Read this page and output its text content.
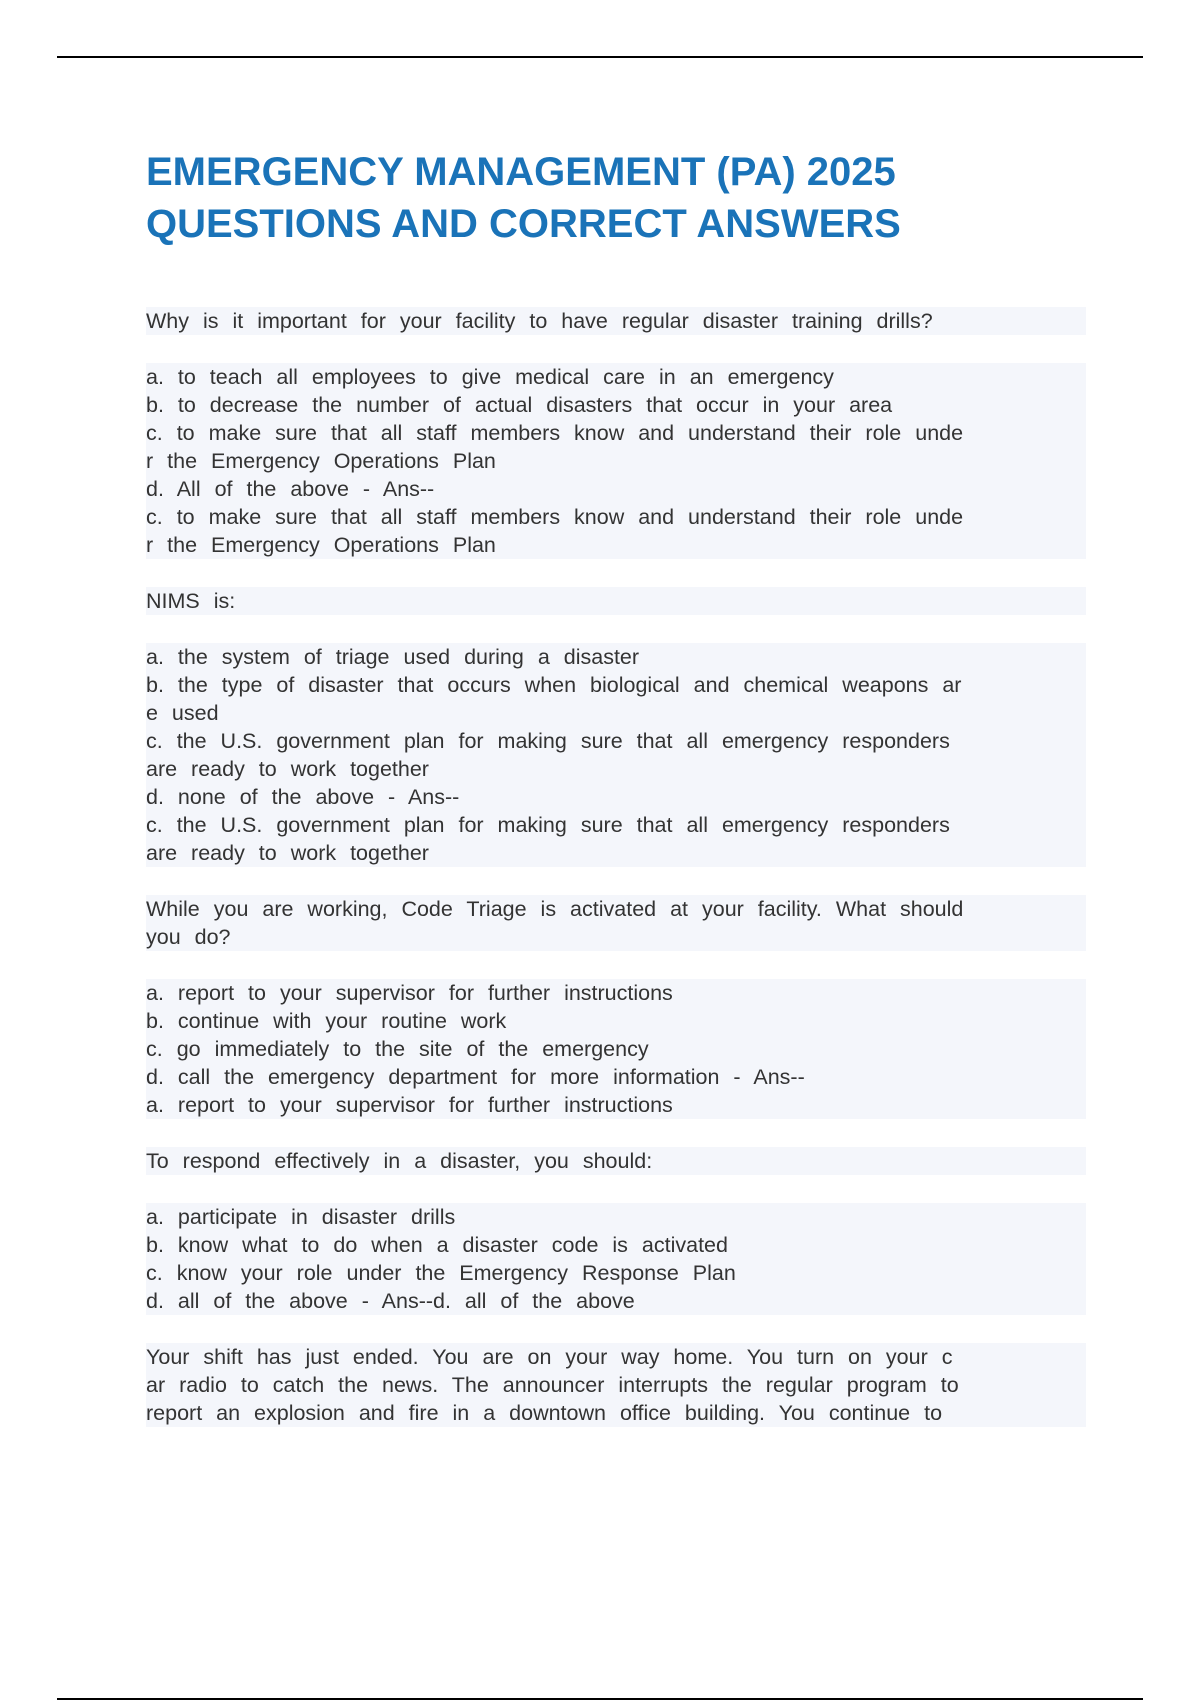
EMERGENCY MANAGEMENT (PA) 2025
QUESTIONS AND CORRECT ANSWERS

Why is it important for your facility to have regular disaster training drills?

a. to teach all employees to give medical care in an emergency

b. to decrease the number of actual disasters that occur in your area

c. to make sure that all staff members know and understand their role unde

r the Emergency Operations Plan

d. All of the above - Ans--

c. to make sure that all staff members know and understand their role unde

r the Emergency Operations Plan

NIMS is:

a. the system of triage used during a disaster

b. the type of disaster that occurs when biological and chemical weapons ar

e used

c. the U.S. government plan for making sure that all emergency responders

are ready to work together

d. none of the above - Ans--

c. the U.S. government plan for making sure that all emergency responders

are ready to work together

While you are working, Code Triage is activated at your facility. What should

you do?

a. report to your supervisor for further instructions

b. continue with your routine work

c. go immediately to the site of the emergency

d. call the emergency department for more information - Ans--

a. report to your supervisor for further instructions

To respond effectively in a disaster, you should:

a. participate in disaster drills

b. know what to do when a disaster code is activated

c. know your role under the Emergency Response Plan

d. all of the above - Ans--d. all of the above

Your shift has just ended. You are on your way home. You turn on your c

ar radio to catch the news. The announcer interrupts the regular program to

report an explosion and fire in a downtown office building. You continue to
